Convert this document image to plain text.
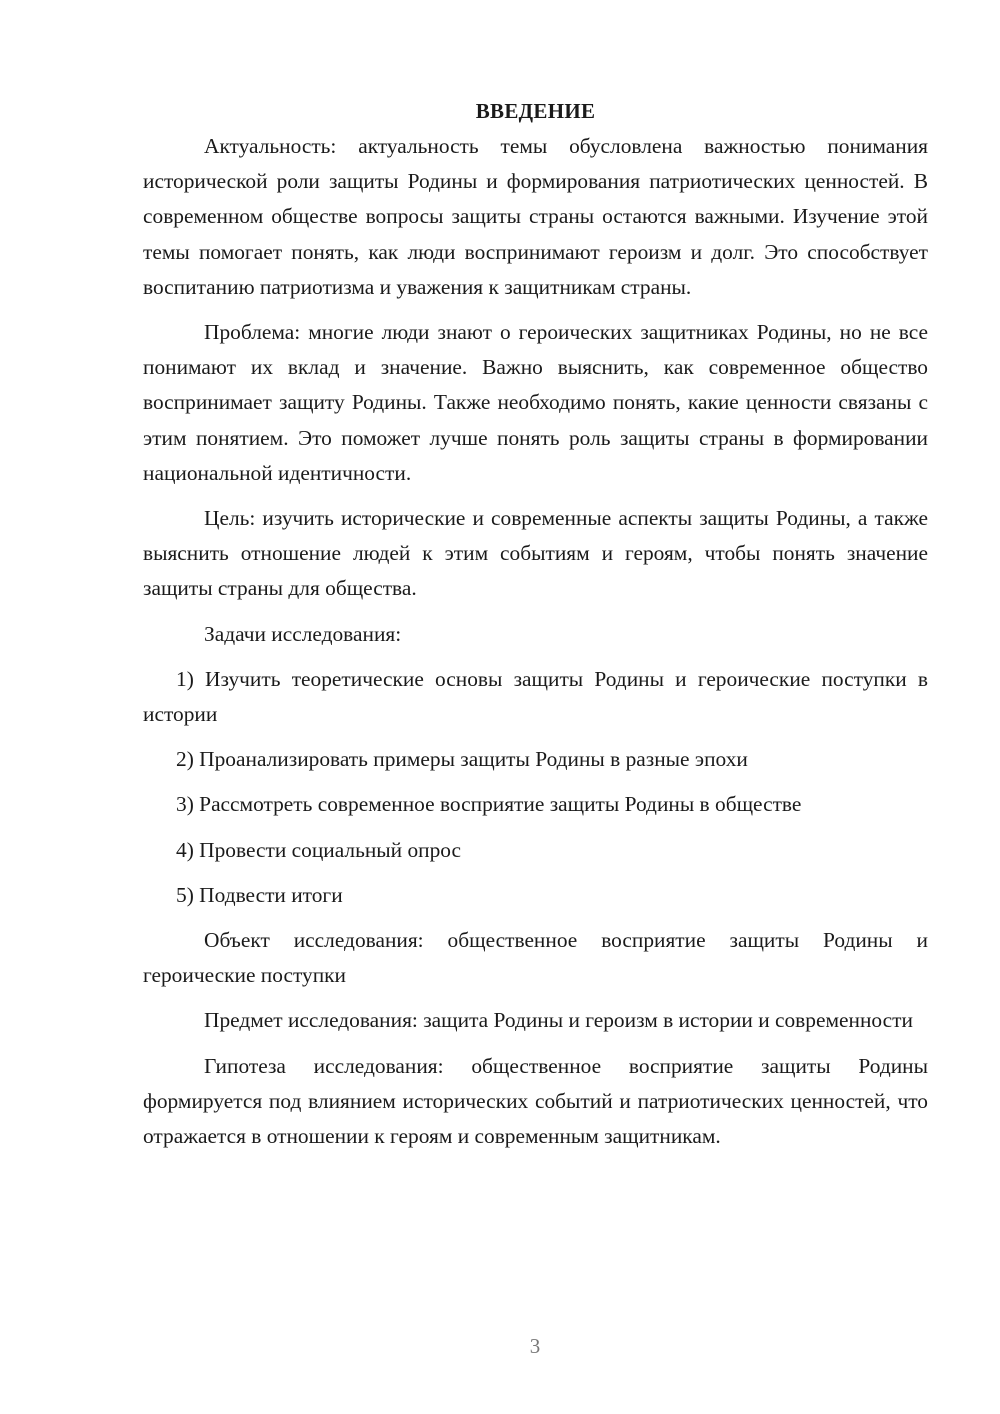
ВВЕДЕНИЕ

Актуальность: актуальность темы обусловлена важностью понимания исторической роли защиты Родины и формирования патриотических ценностей. В современном обществе вопросы защиты страны остаются важными. Изучение этой темы помогает понять, как люди воспринимают героизм и долг. Это способствует воспитанию патриотизма и уважения к защитникам страны.

Проблема: многие люди знают о героических защитниках Родины, но не все понимают их вклад и значение. Важно выяснить, как современное общество воспринимает защиту Родины. Также необходимо понять, какие ценности связаны с этим понятием. Это поможет лучше понять роль защиты страны в формировании национальной идентичности.

Цель: изучить исторические и современные аспекты защиты Родины, а также выяснить отношение людей к этим событиям и героям, чтобы понять значение защиты страны для общества.

Задачи исследования:

1) Изучить теоретические основы защиты Родины и героические поступки в истории

2) Проанализировать примеры защиты Родины в разные эпохи

3) Рассмотреть современное восприятие защиты Родины в обществе

4) Провести социальный опрос

5) Подвести итоги

Объект исследования: общественное восприятие защиты Родины и героические поступки

Предмет исследования: защита Родины и героизм в истории и современности

Гипотеза исследования: общественное восприятие защиты Родины формируется под влиянием исторических событий и патриотических ценностей, что отражается в отношении к героям и современным защитникам.

3
